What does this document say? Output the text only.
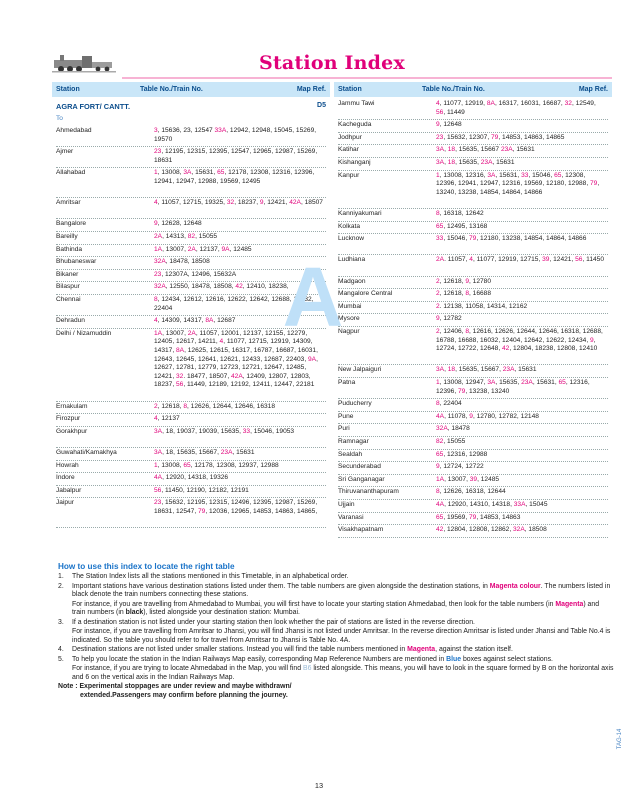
Station Index
Station	Table No./Train No.	Map Ref.
AGRA FORT/ CANTT.	D5
To
Ahmedabad	3, 15636, 23, 12547 33A, 12942, 12948, 15045, 15269, 19570
Ajmer	23, 12195, 12315, 12395, 12547, 12965, 12987, 15269, 18631
Allahabad	1, 13008, 3A, 15631, 65, 12178, 12308, 12316, 12396, 12941, 12947, 12988, 19569, 12495
Amritsar	4, 11057, 12715, 19325, 32, 18237, 9, 12421, 42A, 18507
Bangalore	9, 12628, 12648
Bareilly	2A, 14313, 82, 15055
Bathinda	1A, 13007, 2A, 12137, 9A, 12485
Bhubaneswar	32A, 18478, 18508
Bikaner	23, 12307A, 12496, 15632A
Bilaspur	32A, 12550, 18478, 18508, 42, 12410, 18238,
Chennai	8, 12434, 12612, 12616, 12622, 12642, 12688, 16032, 22404
Dehradun	4, 14309, 14317, 8A, 12687
Delhi / Nizamuddin	1A, 13007, 2A, 11057, 12001, 12137, 12155, 12279, 12405, 12617, 14211, 4, 11077, 12715, 12919, 14309, 14317, 8A, 12625, 12615, 16317, 16787, 16687, 16031, 12643, 12645, 12641, 12621, 12433, 12687, 22403, 9A, 12627, 12781, 12779, 12723, 12721, 12647, 12485, 12421, 32. 18477, 18507, 42A, 12409, 12807, 12803, 18237, 56, 11449, 12189, 12192, 12411, 12447, 22181
Ernakulam	2, 12618, 8, 12626, 12644, 12646, 16318
Firozpur	4, 12137
Gorakhpur	3A, 18, 19037, 19039, 15635, 33, 15046, 19053
Guwahati/Kamakhya	3A, 18, 15635, 15667, 23A, 15631
Howrah	1, 13008, 65, 12178, 12308, 12937, 12988
Indore	4A, 12920, 14318, 19326
Jabalpur	56, 11450, 12190, 12182, 12191
Jaipur	23, 15632, 12195, 12315, 12496, 12395, 12987, 15269, 18631, 12547, 79, 12036, 12965, 14853, 14863, 14865,
Station	Table No./Train No.	Map Ref.
Jammu Tawi	4, 11077, 12919, 8A, 16317, 16031, 16687, 32, 12549, 56, 11449
Kacheguda	9, 12648
Jodhpur	23, 15632, 12307, 79, 14853, 14863, 14865
Katihar	3A, 18, 15635, 15667 23A, 15631
Kishanganj	3A, 18, 15635, 23A, 15631
Kanpur	1, 13008, 12316, 3A, 15631, 33, 15046, 65, 12308, 12396, 12941, 12947, 12316, 19569, 12180, 12988, 79, 13240, 13238, 14854, 14864, 14866
Kanniyakumari	8, 16318, 12642
Kolkata	65, 12495, 13168
Lucknow	33, 15046, 79, 12180, 13238, 14854, 14864, 14866
Ludhiana	2A. 11057, 4, 11077, 12919, 12715, 39, 12421, 56, 11450
Madgaon	2, 12618, 9, 12780
Mangalore Central	2, 12618, 8, 16688
Mumbai	2. 12138, 11058, 14314, 12162
Mysore	9, 12782
Nagpur	2, 12406, 8, 12616, 12626, 12644, 12646, 16318, 12688, 16788, 16688, 16032, 12404, 12642, 12622, 12434, 9, 12724, 12722, 12648, 42, 12804, 18238, 12808, 12410
New Jalpaiguri	3A, 18, 15635, 15667, 23A, 15631
Patna	1, 13008, 12947, 3A, 15635, 23A, 15631, 65, 12316, 12396, 79, 13238, 13240
Puducherry	8, 22404
Pune	4A, 11078, 9, 12780, 12782, 12148
Puri	32A, 18478
Ramnagar	82, 15055
Sealdah	65, 12316, 12988
Secunderabad	9, 12724, 12722
Sri Ganganagar	1A, 13007, 39, 12485
Thiruvananthapuram	8, 12626, 16318, 12644
Ujjain	4A, 12920, 14310, 14318, 33A, 15045
Varanasi	65, 19569, 79, 14853, 14863
Visakhapatnam	42, 12804, 12808, 12862, 32A, 18508
A
How to use this index to locate the right table
1. The Station Index lists all the stations mentioned in this Timetable, in an alphabetical order.

2. Important stations have various destination stations listed under them. The table numbers are given alongside the destination stations, in Magenta colour. The numbers listed in black denote the train numbers connecting these stations.

For instance, if you are travelling from Ahmedabad to Mumbai, you will first have to locate your starting station Ahmedabad, then look for the table numbers (in Magenta) and train numbers (in black), listed alongside your destination station: Mumbai.

3. If a destination station is not listed under your starting station then look whether the pair of stations are listed in the reverse direction.

For instance, if you are travelling from Amritsar to Jhansi, you will find Jhansi is not listed under Amritsar. In the reverse direction Amritsar is listed under Jhansi and Table No.4 is indicated. So the table you should refer to for travel from Amritsar to Jhansi is Table No. 4A.

4. Destination stations are not listed under smaller stations. Instead you will find the table numbers mentioned in Magenta, against the station itself.

5. To help you locate the station in the Indian Railways Map easily, corresponding Map Reference Numbers are mentioned in Blue boxes against select stations.

For instance, if you are trying to locate Ahmedabad in the Map, you will find B6 listed alongside. This means, you will have to look in the square formed by B on the horizontal axis and 6 on the vertical axis in the Indian Railways Map.

Note : Experimental stoppages are under review and maybe withdrawn/
extended.Passengers may confirm before planning the journey.
TAG-14
13
